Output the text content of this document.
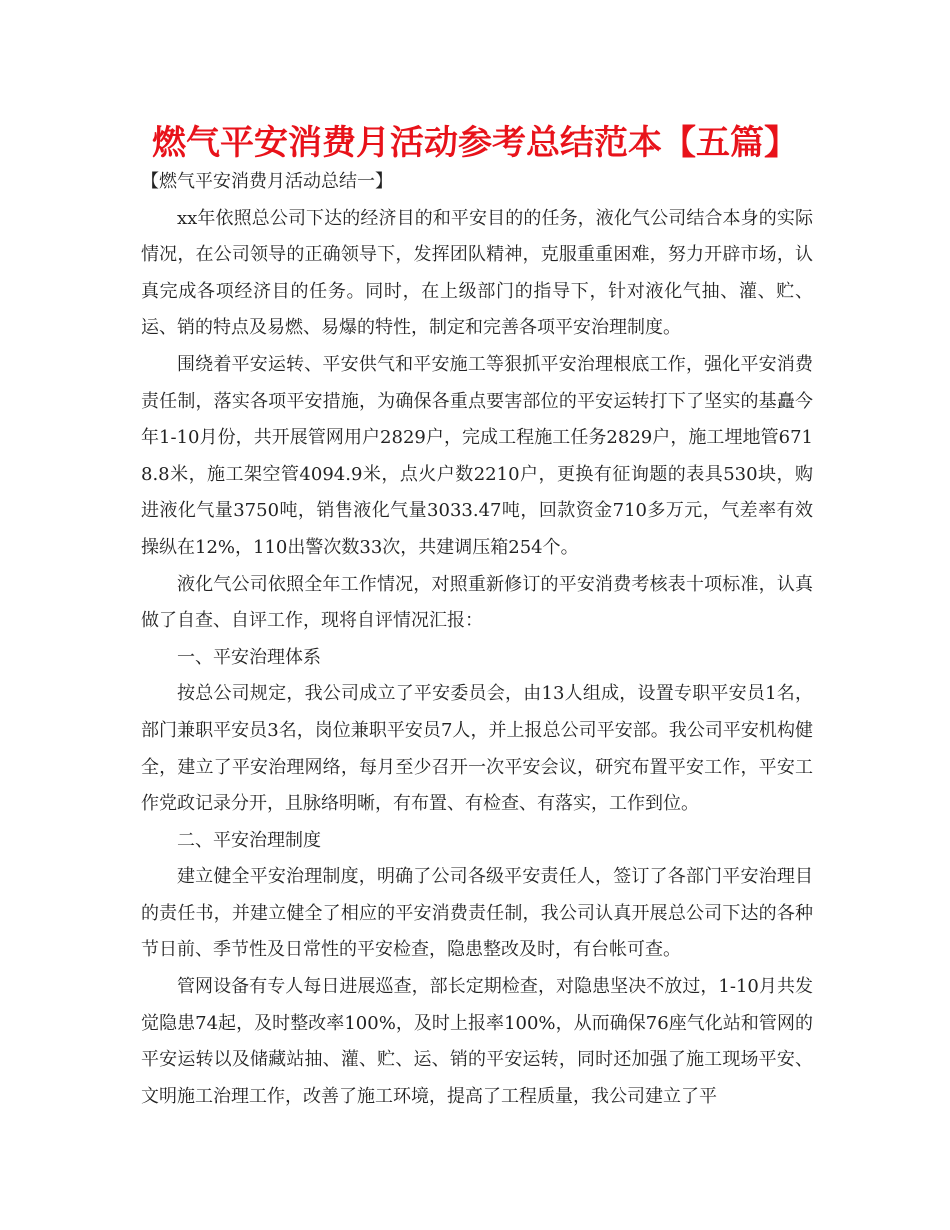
燃气平安消费月活动参考总结范本【五篇】

【燃气平安消费月活动总结一】

xx年依照总公司下达的经济目的和平安目的的任务，液化气公司结合本身的实际情况，在公司领导的正确领导下，发挥团队精神，克服重重困难，努力开辟市场，认真完成各项经济目的任务。同时，在上级部门的指导下，针对液化气抽、灌、贮、运、销的特点及易燃、易爆的特性，制定和完善各项平安治理制度。

围绕着平安运转、平安供气和平安施工等狠抓平安治理根底工作，强化平安消费责任制，落实各项平安措施，为确保各重点要害部位的平安运转打下了坚实的基矗今年1-10月份，共开展管网用户2829户，完成工程施工任务2829户，施工埋地管6718.8米，施工架空管4094.9米，点火户数2210户，更换有征询题的表具530块，购进液化气量3750吨，销售液化气量3033.47吨，回款资金710多万元，气差率有效操纵在12%，110出警次数33次，共建调压箱254个。

液化气公司依照全年工作情况，对照重新修订的平安消费考核表十项标准，认真做了自查、自评工作，现将自评情况汇报：

一、平安治理体系

按总公司规定，我公司成立了平安委员会，由13人组成，设置专职平安员1名，部门兼职平安员3名，岗位兼职平安员7人，并上报总公司平安部。我公司平安机构健全，建立了平安治理网络，每月至少召开一次平安会议，研究布置平安工作，平安工作党政记录分开，且脉络明晰，有布置、有检查、有落实，工作到位。

二、平安治理制度

建立健全平安治理制度，明确了公司各级平安责任人，签订了各部门平安治理目的责任书，并建立健全了相应的平安消费责任制，我公司认真开展总公司下达的各种节日前、季节性及日常性的平安检查，隐患整改及时，有台帐可查。

管网设备有专人每日进展巡查，部长定期检查，对隐患坚决不放过，1-10月共发觉隐患74起，及时整改率100%，及时上报率100%，从而确保76座气化站和管网的平安运转以及储藏站抽、灌、贮、运、销的平安运转，同时还加强了施工现场平安、文明施工治理工作，改善了施工环境，提高了工程质量，我公司建立了平
